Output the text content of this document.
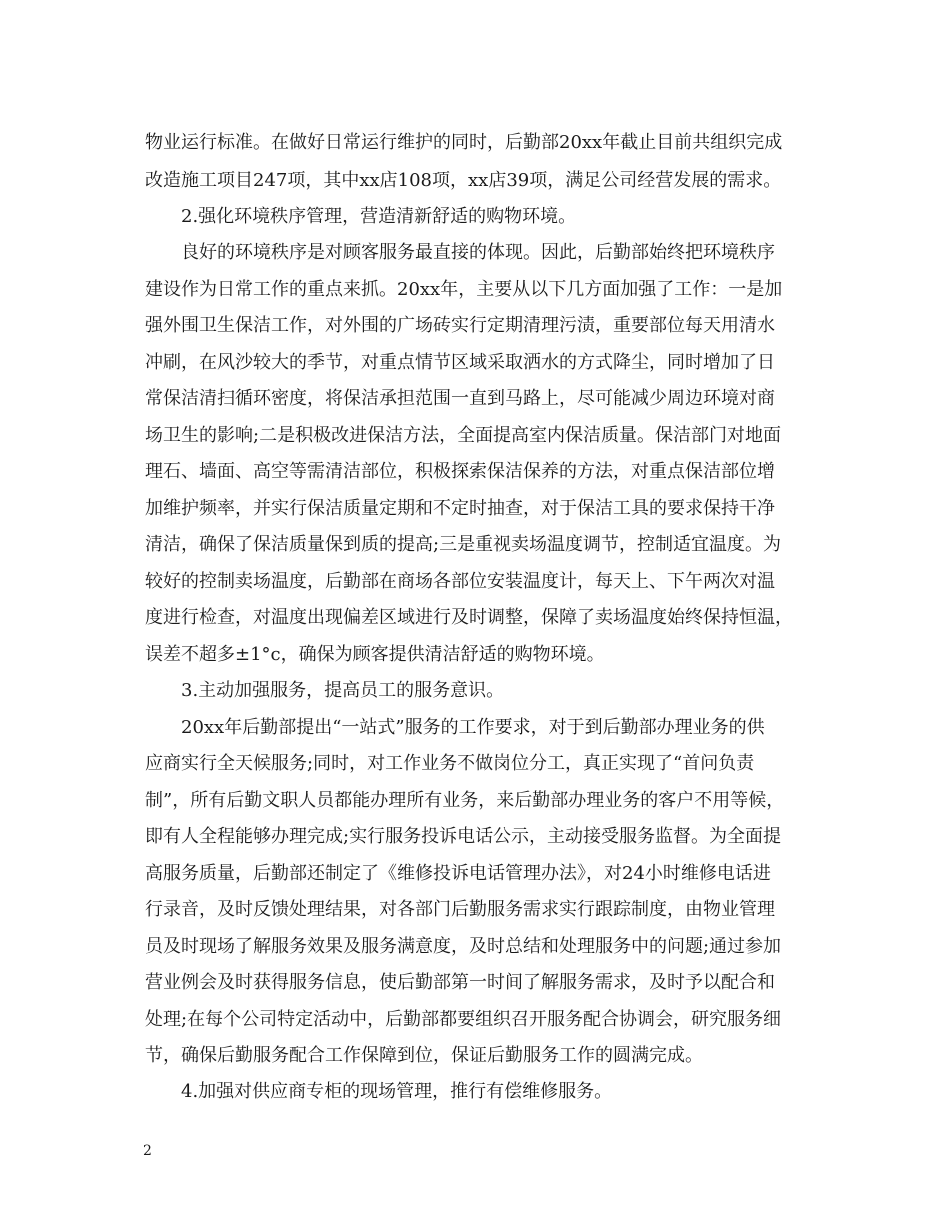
物业运行标准。在做好日常运行维护的同时，后勤部20xx年截止目前共组织完成
改造施工项目247项，其中xx店108项，xx店39项，满足公司经营发展的需求。
2.强化环境秩序管理，营造清新舒适的购物环境。
良好的环境秩序是对顾客服务最直接的体现。因此，后勤部始终把环境秩序
建设作为日常工作的重点来抓。20xx年，主要从以下几方面加强了工作：一是加
强外围卫生保洁工作，对外围的广场砖实行定期清理污渍，重要部位每天用清水
冲刷，在风沙较大的季节，对重点情节区域采取洒水的方式降尘，同时增加了日
常保洁清扫循环密度，将保洁承担范围一直到马路上，尽可能减少周边环境对商
场卫生的影响;二是积极改进保洁方法，全面提高室内保洁质量。保洁部门对地面
理石、墙面、高空等需清洁部位，积极探索保洁保养的方法，对重点保洁部位增
加维护频率，并实行保洁质量定期和不定时抽查，对于保洁工具的要求保持干净
清洁，确保了保洁质量保到质的提高;三是重视卖场温度调节，控制适宜温度。为
较好的控制卖场温度，后勤部在商场各部位安装温度计，每天上、下午两次对温
度进行检查，对温度出现偏差区域进行及时调整，保障了卖场温度始终保持恒温，
误差不超多±1°c，确保为顾客提供清洁舒适的购物环境。
3.主动加强服务，提高员工的服务意识。
20xx年后勤部提出“一站式”服务的工作要求，对于到后勤部办理业务的供
应商实行全天候服务;同时，对工作业务不做岗位分工，真正实现了“首问负责
制”，所有后勤文职人员都能办理所有业务，来后勤部办理业务的客户不用等候，
即有人全程能够办理完成;实行服务投诉电话公示，主动接受服务监督。为全面提
高服务质量，后勤部还制定了《维修投诉电话管理办法》，对24小时维修电话进
行录音，及时反馈处理结果，对各部门后勤服务需求实行跟踪制度，由物业管理
员及时现场了解服务效果及服务满意度，及时总结和处理服务中的问题;通过参加
营业例会及时获得服务信息，使后勤部第一时间了解服务需求，及时予以配合和
处理;在每个公司特定活动中，后勤部都要组织召开服务配合协调会，研究服务细
节，确保后勤服务配合工作保障到位，保证后勤服务工作的圆满完成。
4.加强对供应商专柜的现场管理，推行有偿维修服务。
2
